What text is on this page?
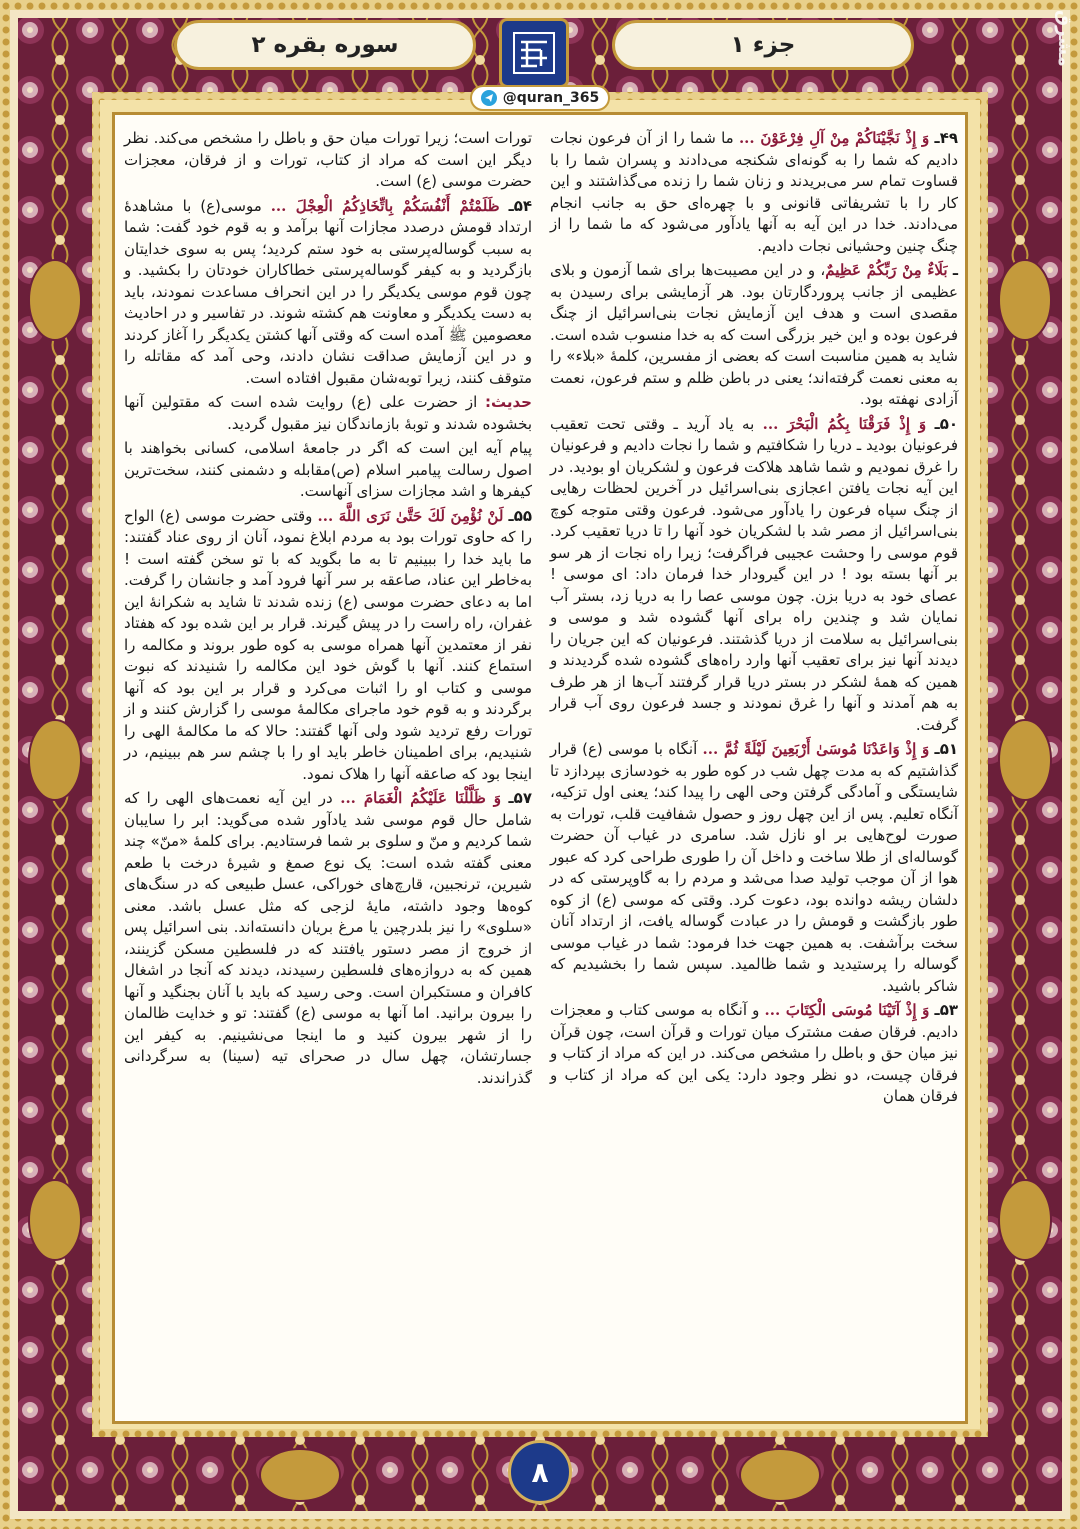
جزء ۱
سوره بقره ۲
@quran_365
مشرق

۴۹ـ وَ إِذْ نَجَّيْنَاكُمْ مِنْ آلِ فِرْعَوْنَ ... ما شما را از آن فرعون نجات دادیم که شما را به گونه‌ای شکنجه می‌دادند و پسران شما را با قساوت تمام سر می‌بریدند و زنان شما را زنده می‌گذاشتند و این کار را با تشریفاتی قانونی و با چهره‌ای حق به جانب انجام می‌دادند. خدا در این آیه به آنها یادآور می‌شود که ما شما را از چنگ چنین وحشیانی نجات دادیم.

ـ بَلَاءٌ مِنْ رَبِّكُمْ عَظِيمٌ، و در این مصیبت‌ها برای شما آزمون و بلای عظیمی از جانب پروردگارتان بود. هر آزمایشی برای رسیدن به مقصدی است و هدف این آزمایش نجات بنی‌اسرائیل از چنگ فرعون بوده و این خیر بزرگی است که به خدا منسوب شده است. شاید به همین مناسبت است که بعضی از مفسرین، کلمهٔ «بلاء» را به معنی نعمت گرفته‌اند؛ یعنی در باطن ظلم و ستم فرعون، نعمت آزادی نهفته بود.

۵۰ـ وَ إِذْ فَرَقْنَا بِكُمُ الْبَحْرَ ... به یاد آرید ـ وقتی تحت تعقیب فرعونیان بودید ـ دریا را شکافتیم و شما را نجات دادیم و فرعونیان را غرق نمودیم و شما شاهد هلاکت فرعون و لشکریان او بودید. در این آیه نجات یافتن اعجازی بنی‌اسرائیل در آخرین لحظات رهایی از چنگ سپاه فرعون را یادآور می‌شود. فرعون وقتی متوجه کوچ بنی‌اسرائیل از مصر شد با لشکریان خود آنها را تا دریا تعقیب کرد. قوم موسی را وحشت عجیبی فراگرفت؛ زیرا راه نجات از هر سو بر آنها بسته بود ! در این گیرودار خدا فرمان داد: ای موسی ! عصای خود به دریا بزن. چون موسی عصا را به دریا زد، بستر آب نمایان شد و چندین راه برای آنها گشوده شد و موسی و بنی‌اسرائیل به سلامت از دریا گذشتند. فرعونیان که این جریان را دیدند آنها نیز برای تعقیب آنها وارد راه‌های گشوده شده گردیدند و همین که همهٔ لشکر در بستر دریا قرار گرفتند آب‌ها از هر طرف به هم آمدند و آنها را غرق نمودند و جسد فرعون روی آب قرار گرفت.

۵۱ـ وَ إِذْ وَاعَدْنَا مُوسَىٰ أَرْبَعِينَ لَيْلَةً ثُمَّ ... آنگاه با موسی (ع) قرار گذاشتیم که به مدت چهل شب در کوه طور به خودسازی بپردازد تا شایستگی و آمادگی گرفتن وحی الهی را پیدا کند؛ یعنی اول تزکیه، آنگاه تعلیم. پس از این چهل روز و حصول شفافیت قلب، تورات به صورت لوح‌هایی بر او نازل شد. سامری در غیاب آن حضرت گوساله‌ای از طلا ساخت و داخل آن را طوری طراحی کرد که عبور هوا از آن موجب تولید صدا می‌شد و مردم را به گاوپرستی که در دلشان ریشه دوانده بود، دعوت کرد. وقتی که موسی (ع) از کوه طور بازگشت و قومش را در عبادت گوساله یافت، از ارتداد آنان سخت برآشفت. به همین جهت خدا فرمود: شما در غیاب موسی گوساله را پرستیدید و شما ظالمید. سپس شما را بخشیدیم که شاکر باشید.

۵۳ـ وَ إِذْ آتَيْنَا مُوسَى الْكِتَابَ ... و آنگاه به موسی کتاب و معجزات دادیم. فرقان صفت مشترک میان تورات و قرآن است، چون قرآن نیز میان حق و باطل را مشخص می‌کند. در این که مراد از کتاب و فرقان چیست، دو نظر وجود دارد: یکی این که مراد از کتاب و فرقان همان

تورات است؛ زیرا تورات میان حق و باطل را مشخص می‌کند. نظر دیگر این است که مراد از کتاب، تورات و از فرقان، معجزات حضرت موسی (ع) است.

۵۴ـ ظَلَمْتُمْ أَنْفُسَكُمْ بِاتِّخَاذِكُمُ الْعِجْلَ ... موسی(ع) با مشاهدهٔ ارتداد قومش درصدد مجازات آنها برآمد و به قوم خود گفت: شما به سبب گوساله‌پرستی به خود ستم کردید؛ پس به سوی خدایتان بازگردید و به کیفر گوساله‌پرستی خطاکاران خودتان را بکشید. و چون قوم موسی یکدیگر را در این انحراف مساعدت نمودند، باید به دست یکدیگر و معاونت هم کشته شوند. در تفاسیر و در احادیث معصومین ﷺ آمده است که وقتی آنها کشتن یکدیگر را آغاز کردند و در این آزمایش صداقت نشان دادند، وحی آمد که مقاتله را متوقف کنند، زیرا توبه‌شان مقبول افتاده است.

حدیث: از حضرت علی (ع) روایت شده است که مقتولین آنها بخشوده شدند و توبهٔ بازماندگان نیز مقبول گردید.

پیام آیه این است که اگر در جامعهٔ اسلامی، کسانی بخواهند با اصول رسالت پیامبر اسلام (ص)مقابله و دشمنی کنند، سخت‌ترین کیفرها و اشد مجازات سزای آنهاست.

۵۵ـ لَنْ نُؤْمِنَ لَكَ حَتَّىٰ نَرَى اللَّهَ ... وقتی حضرت موسی (ع) الواح را که حاوی تورات بود به مردم ابلاغ نمود، آنان از روی عناد گفتند: ما باید خدا را ببینیم تا به ما بگوید که با تو سخن گفته است ! به‌خاطر این عناد، صاعقه بر سر آنها فرود آمد و جانشان را گرفت. اما به دعای حضرت موسی (ع) زنده شدند تا شاید به شکرانهٔ این غفران، راه راست را در پیش گیرند. قرار بر این شده بود که هفتاد نفر از معتمدین آنها همراه موسی به کوه طور بروند و مکالمه را استماع کنند. آنها با گوش خود این مکالمه را شنیدند که نبوت موسی و کتاب او را اثبات می‌کرد و قرار بر این بود که آنها برگردند و به قوم خود ماجرای مکالمهٔ موسی را گزارش کنند و از تورات رفع تردید شود ولی آنها گفتند: حالا که ما مکالمهٔ الهی را شنیدیم، برای اطمینان خاطر باید او را با چشم سر هم ببینیم، در اینجا بود که صاعقه آنها را هلاک نمود.

۵۷ـ وَ ظَلَّلْنَا عَلَيْكُمُ الْغَمَامَ ... در این آیه نعمت‌های الهی را که شامل حال قوم موسی شد یادآور شده می‌گوید: ابر را سایبان شما کردیم و منّ و سلوی بر شما فرستادیم. برای کلمهٔ «منّ» چند معنی گفته شده است: یک نوع صمغ و شیرهٔ درخت با طعم شیرین، ترنجبین، قارچ‌های خوراکی، عسل طبیعی که در سنگ‌های کوه‌ها وجود داشته، مایهٔ لزجی که مثل عسل باشد. معنی «سلوی» را نیز بلدرچین یا مرغ بریان دانسته‌اند. بنی اسرائیل پس از خروج از مصر دستور یافتند که در فلسطین مسکن گزینند، همین که به دروازه‌های فلسطین رسیدند، دیدند که آنجا در اشغال کافران و مستکبران است. وحی رسید که باید با آنان بجنگید و آنها را بیرون برانید. اما آنها به موسی (ع) گفتند: تو و خدایت ظالمان را از شهر بیرون کنید و ما اینجا می‌نشینیم. به کیفر این جسارتشان، چهل سال در صحرای تیه (سینا) به سرگردانی گذراندند.

۸
